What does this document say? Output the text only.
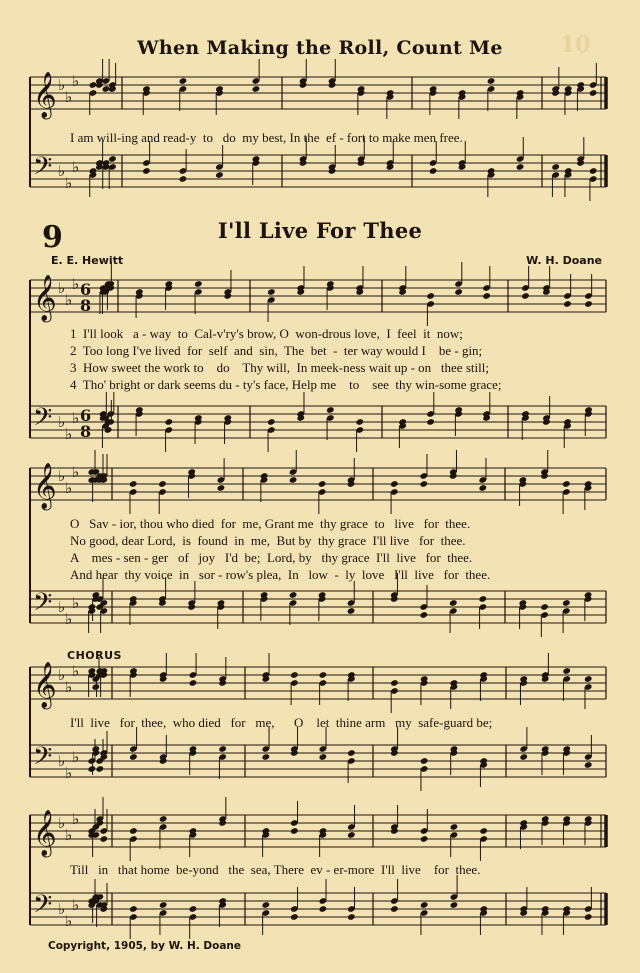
10
When Making the Roll, Count Me
I am will-ing and read-y  to   do  my best, In the  ef - fort to make men free.
9	I'll Live For Thee
E. E. Hewitt	W. H. Doane
1  I'll look   a - way  to  Cal-v'ry's brow, O  won-drous love,  I  feel  it  now;
2  Too long I've lived  for  self  and  sin,  The  bet  -  ter way would I    be - gin;
3  How sweet the work to    do    Thy will,  In meek-ness wait up - on   thee still;
4  Tho' bright or dark seems du - ty's face, Help me    to    see  thy win-some grace;
O   Sav - ior, thou who died  for  me, Grant me  thy grace  to   live   for  thee.
No good, dear Lord,  is  found  in  me,  But by  thy grace  I'll live   for  thee.
A    mes - sen - ger   of   joy   I'd  be;  Lord, by   thy grace  I'll  live   for  thee.
And hear  thy voice  in   sor - row's plea,  In   low  -  ly  love   I'll  live   for  thee.
CHORUS
I'll  live   for  thee,  who died   for   me,      O    let  thine arm   my  safe-guard be;
Till   in   that home  be-yond   the  sea, There  ev - er-more  I'll  live    for  thee.
Copyright, 1905, by W. H. Doane
𝄞 ♭
♭
♭
𝄢 ♭
♭
♭
𝄞 ♭
♭
♭ 6
8
𝄢 ♭
♭
♭ 6
8
𝄞 ♭
♭
♭
𝄢 ♭
♭
♭
𝄞 ♭
♭
♭
𝄢 ♭
♭
♭
𝄞 ♭
♭
♭
𝄢 ♭
♭
♭
